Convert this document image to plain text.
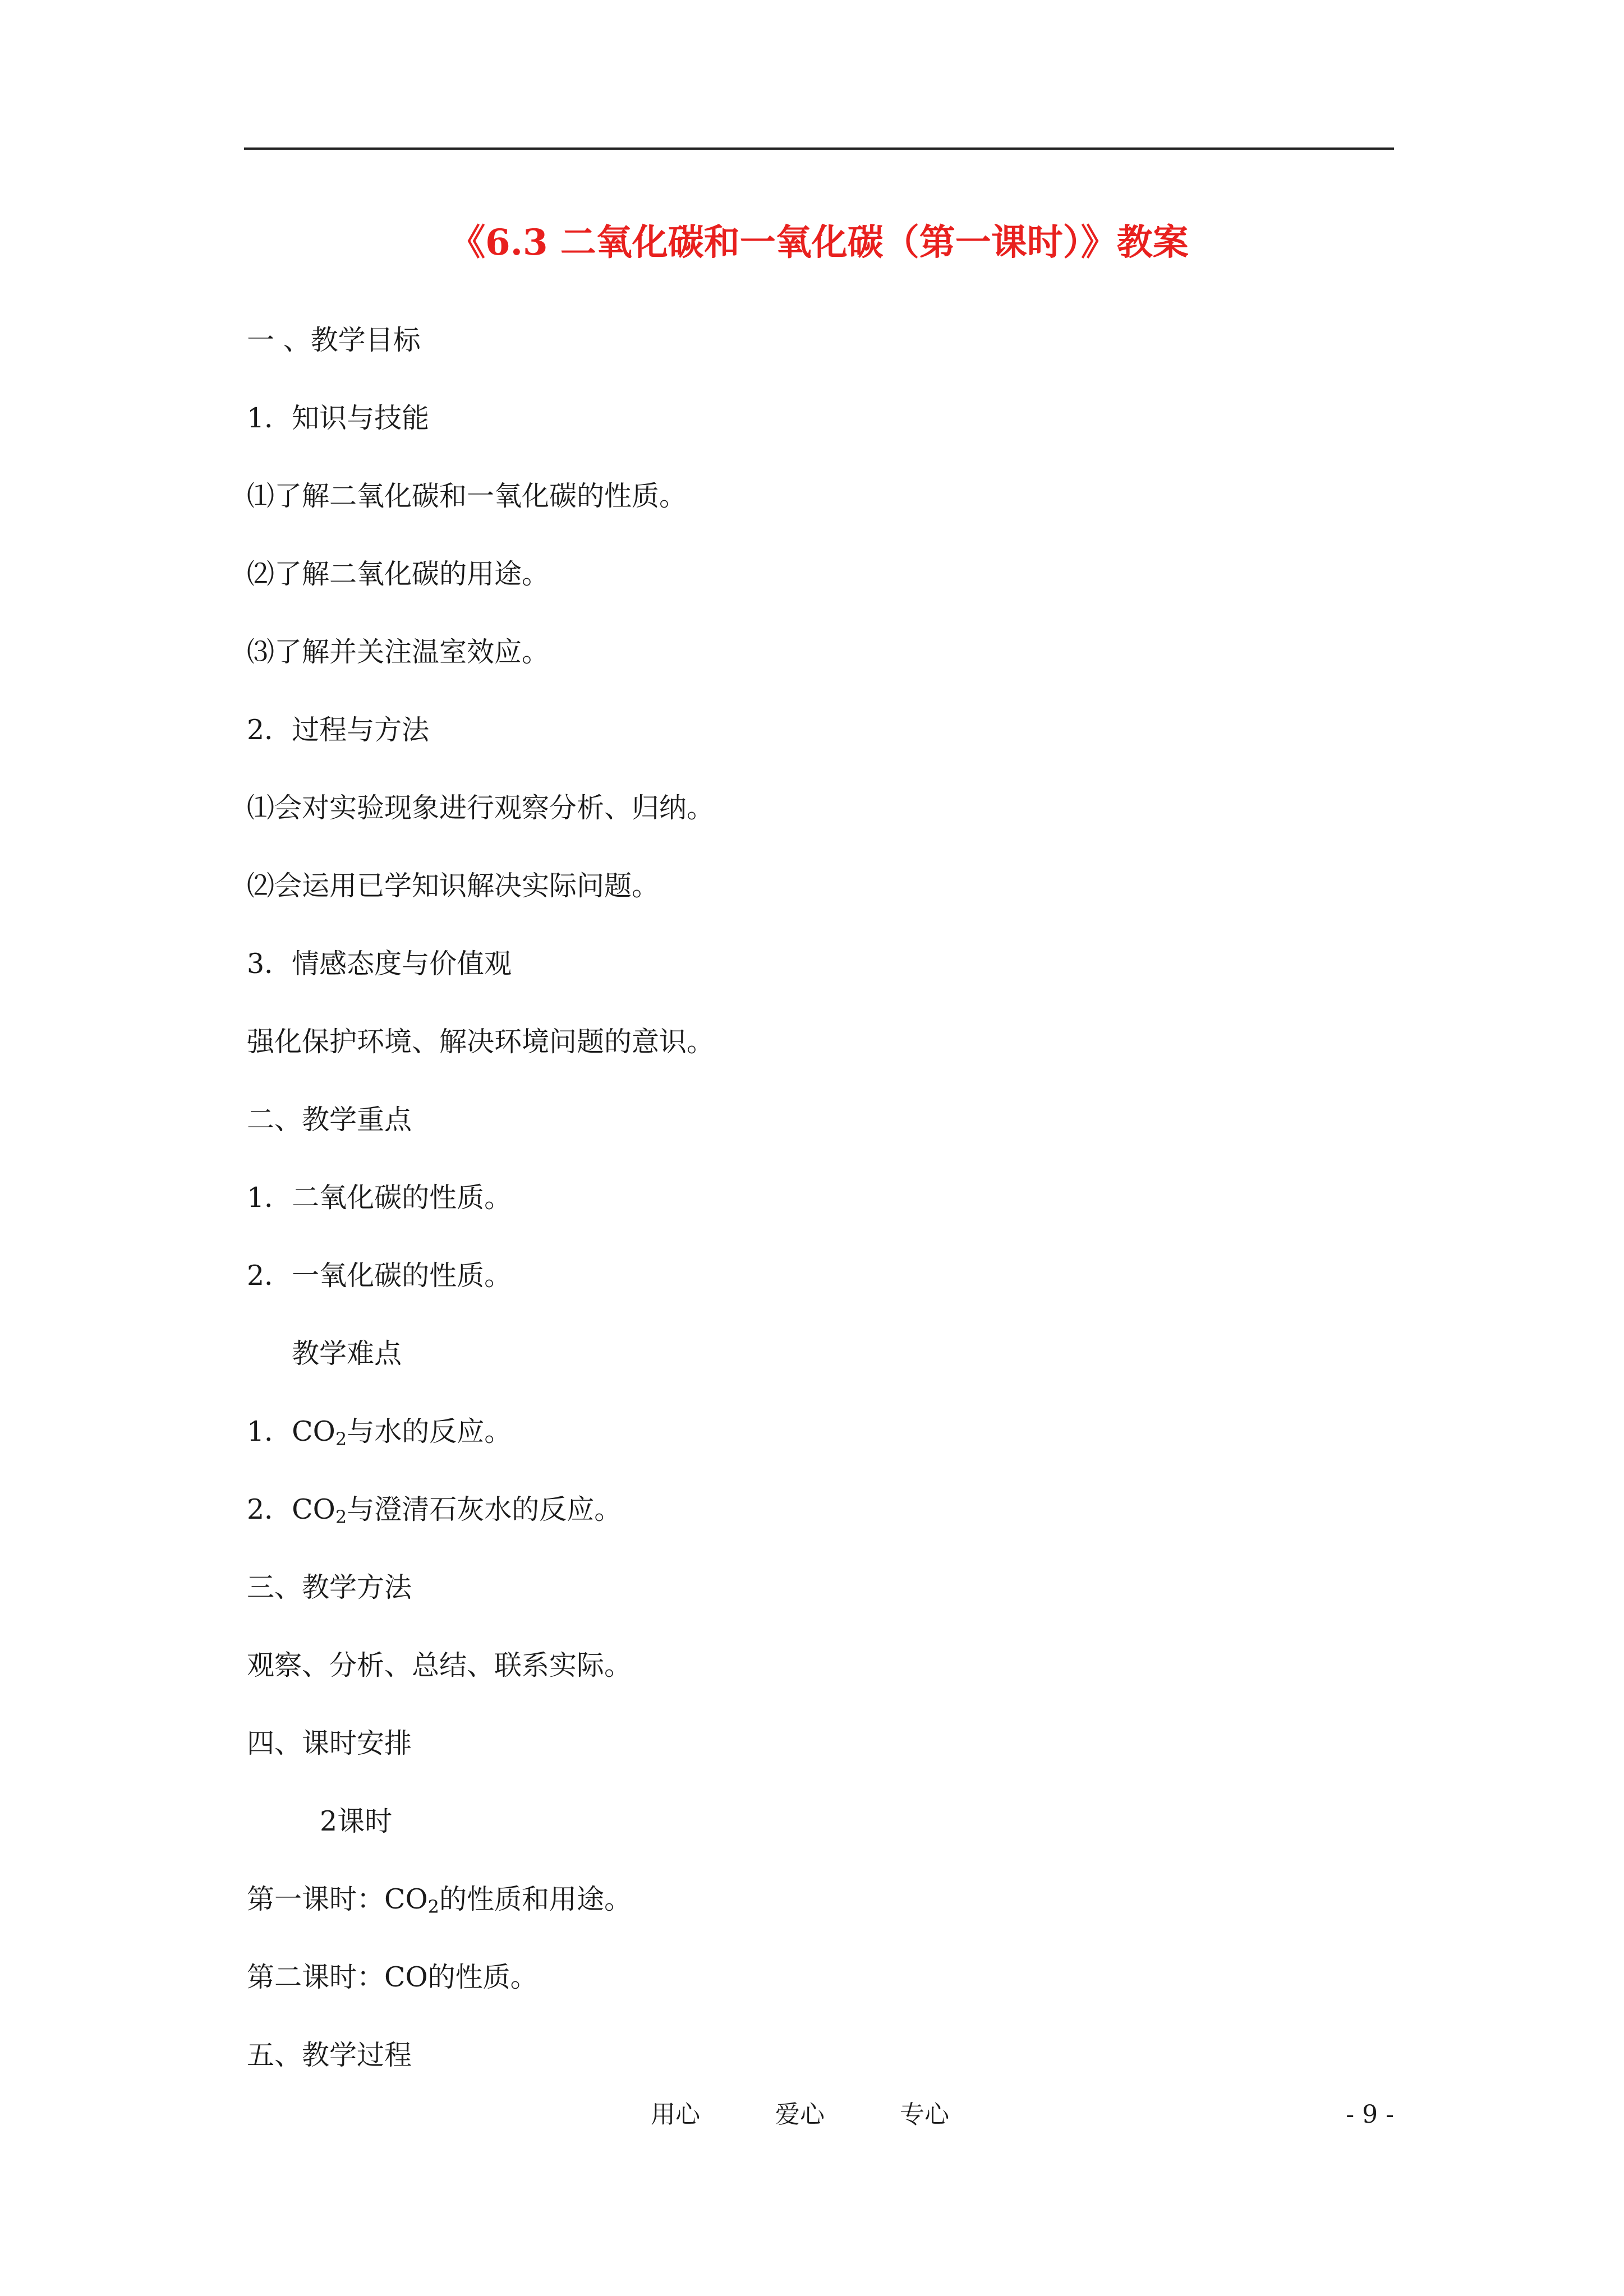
《6.3 二氧化碳和一氧化碳（第一课时）》教案
一 、教学目标
1．知识与技能
⑴了解二氧化碳和一氧化碳的性质。
⑵了解二氧化碳的用途。
⑶了解并关注温室效应。
2．过程与方法
⑴会对实验现象进行观察分析、归纳。
⑵会运用已学知识解决实际问题。
3．情感态度与价值观
强化保护环境、解决环境问题的意识。
二、教学重点
1．二氧化碳的性质。
2．一氧化碳的性质。
教学难点
1．$CO_2$与水的反应。
2．$CO_2$与澄清石灰水的反应。
三、教学方法
观察、分析、总结、联系实际。
四、课时安排
2课时
第一课时：$CO_2$的性质和用途。
第二课时：CO的性质。
五、教学过程
用心	爱心	专心	- 9 -
